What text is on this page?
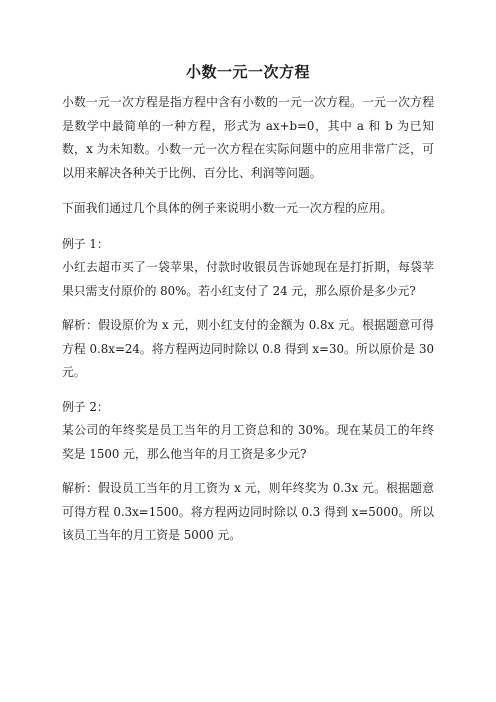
小数一元一次方程

小数一元一次方程是指方程中含有小数的一元一次方程。一元一次方程是数学中最简单的一种方程，形式为 ax+b=0，其中 a 和 b 为已知数，x 为未知数。小数一元一次方程在实际问题中的应用非常广泛，可以用来解决各种关于比例、百分比、利润等问题。

下面我们通过几个具体的例子来说明小数一元一次方程的应用。

例子 1：

小红去超市买了一袋苹果，付款时收银员告诉她现在是打折期，每袋苹果只需支付原价的 80%。若小红支付了 24 元，那么原价是多少元?

解析：假设原价为 x 元，则小红支付的金额为 0.8x 元。根据题意可得方程 0.8x=24。将方程两边同时除以 0.8 得到 x=30。所以原价是 30 元。

例子 2：

某公司的年终奖是员工当年的月工资总和的 30%。现在某员工的年终奖是 1500 元，那么他当年的月工资是多少元?

解析：假设员工当年的月工资为 x 元，则年终奖为 0.3x 元。根据题意可得方程 0.3x=1500。将方程两边同时除以 0.3 得到 x=5000。所以该员工当年的月工资是 5000 元。
